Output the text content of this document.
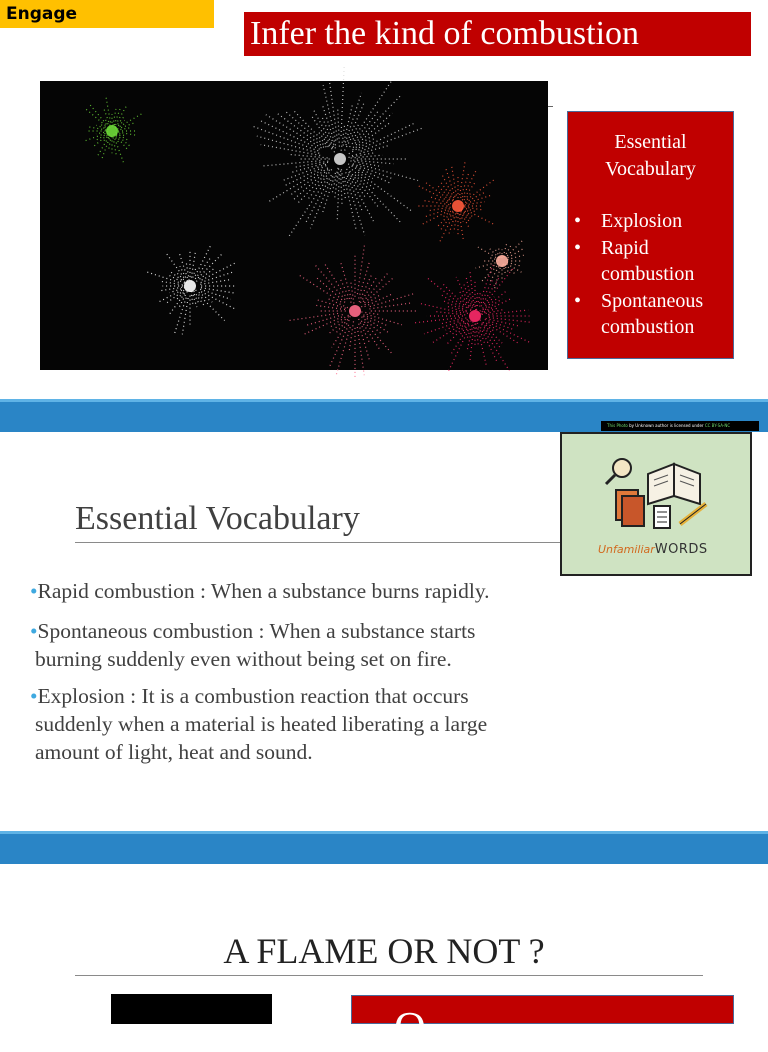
Engage
Infer the kind of combustion
Essential Vocabulary
• Explosion
• Rapid combustion
• Spontaneous combustion
This Photo by Unknown author is licensed under CC BY-SA-NC
UnfamiliarWORDS
Essential Vocabulary
•Rapid combustion : When a substance burns rapidly.
•Spontaneous combustion : When a substance starts
burning suddenly even without being set on fire.
•Explosion : It is a combustion reaction that occurs
suddenly when a material is heated liberating a large
amount of light, heat and sound.
A FLAME OR NOT ?
Q
